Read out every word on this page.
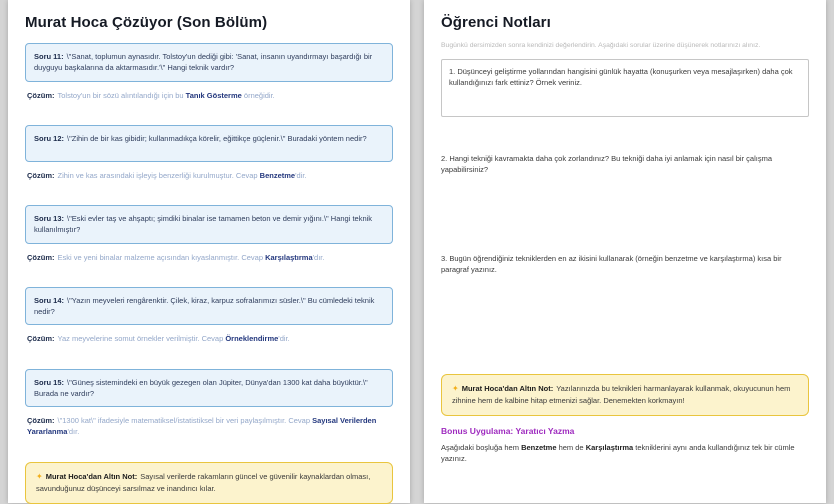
Murat Hoca Çözüyor (Son Bölüm)
Soru 11: \"Sanat, toplumun aynasıdır. Tolstoy'un dediği gibi: 'Sanat, insanın uyandırmayı başardığı bir duyguyu başkalarına da aktarmasıdır.'\" Hangi teknik vardır?
Çözüm: Tolstoy'un bir sözü alıntılandığı için bu Tanık Gösterme örneğidir.
Soru 12: \"Zihin de bir kas gibidir; kullanmadıkça körelir, eğittikçe güçlenir.\" Buradaki yöntem nedir?
Çözüm: Zihin ve kas arasındaki işleyiş benzerliği kurulmuştur. Cevap Benzetme'dir.
Soru 13: \"Eski evler taş ve ahşaptı; şimdiki binalar ise tamamen beton ve demir yığını.\" Hangi teknik kullanılmıştır?
Çözüm: Eski ve yeni binalar malzeme açısından kıyaslanmıştır. Cevap Karşılaştırma'dır.
Soru 14: \"Yazın meyveleri rengârenktir. Çilek, kiraz, karpuz sofralarımızı süsler.\" Bu cümledeki teknik nedir?
Çözüm: Yaz meyvelerine somut örnekler verilmiştir. Cevap Örneklendirme'dir.
Soru 15: \"Güneş sistemindeki en büyük gezegen olan Jüpiter, Dünya'dan 1300 kat daha büyüktür.\" Burada ne vardır?
Çözüm: \"1300 kat\" ifadesiyle matematiksel/istatistiksel bir veri paylaşılmıştır. Cevap Sayısal Verilerden Yararlanma'dır.
✦ Murat Hoca'dan Altın Not: Sayısal verilerde rakamların güncel ve güvenilir kaynaklardan olması, savunduğunuz düşünceyi sarsılmaz ve inandırıcı kılar.
Öğrenci Notları

Bugünkü dersimizden sonra kendinizi değerlendirin. Aşağıdaki sorular üzerine düşünerek notlarınızı alınız.

1. Düşünceyi geliştirme yollarından hangisini günlük hayatta (konuşurken veya mesajlaşırken) daha çok kullandığınızı fark ettiniz? Örnek veriniz.

2. Hangi tekniği kavramakta daha çok zorlandınız? Bu tekniği daha iyi anlamak için nasıl bir çalışma yapabilirsiniz?

3. Bugün öğrendiğiniz tekniklerden en az ikisini kullanarak (örneğin benzetme ve karşılaştırma) kısa bir paragraf yazınız.

✦ Murat Hoca'dan Altın Not: Yazılarınızda bu teknikleri harmanlayarak kullanmak, okuyucunun hem zihnine hem de kalbine hitap etmenizi sağlar. Denemekten korkmayın!
Bonus Uygulama: Yaratıcı Yazma

Aşağıdaki boşluğa hem Benzetme hem de Karşılaştırma tekniklerini aynı anda kullandığınız tek bir cümle yazınız.
